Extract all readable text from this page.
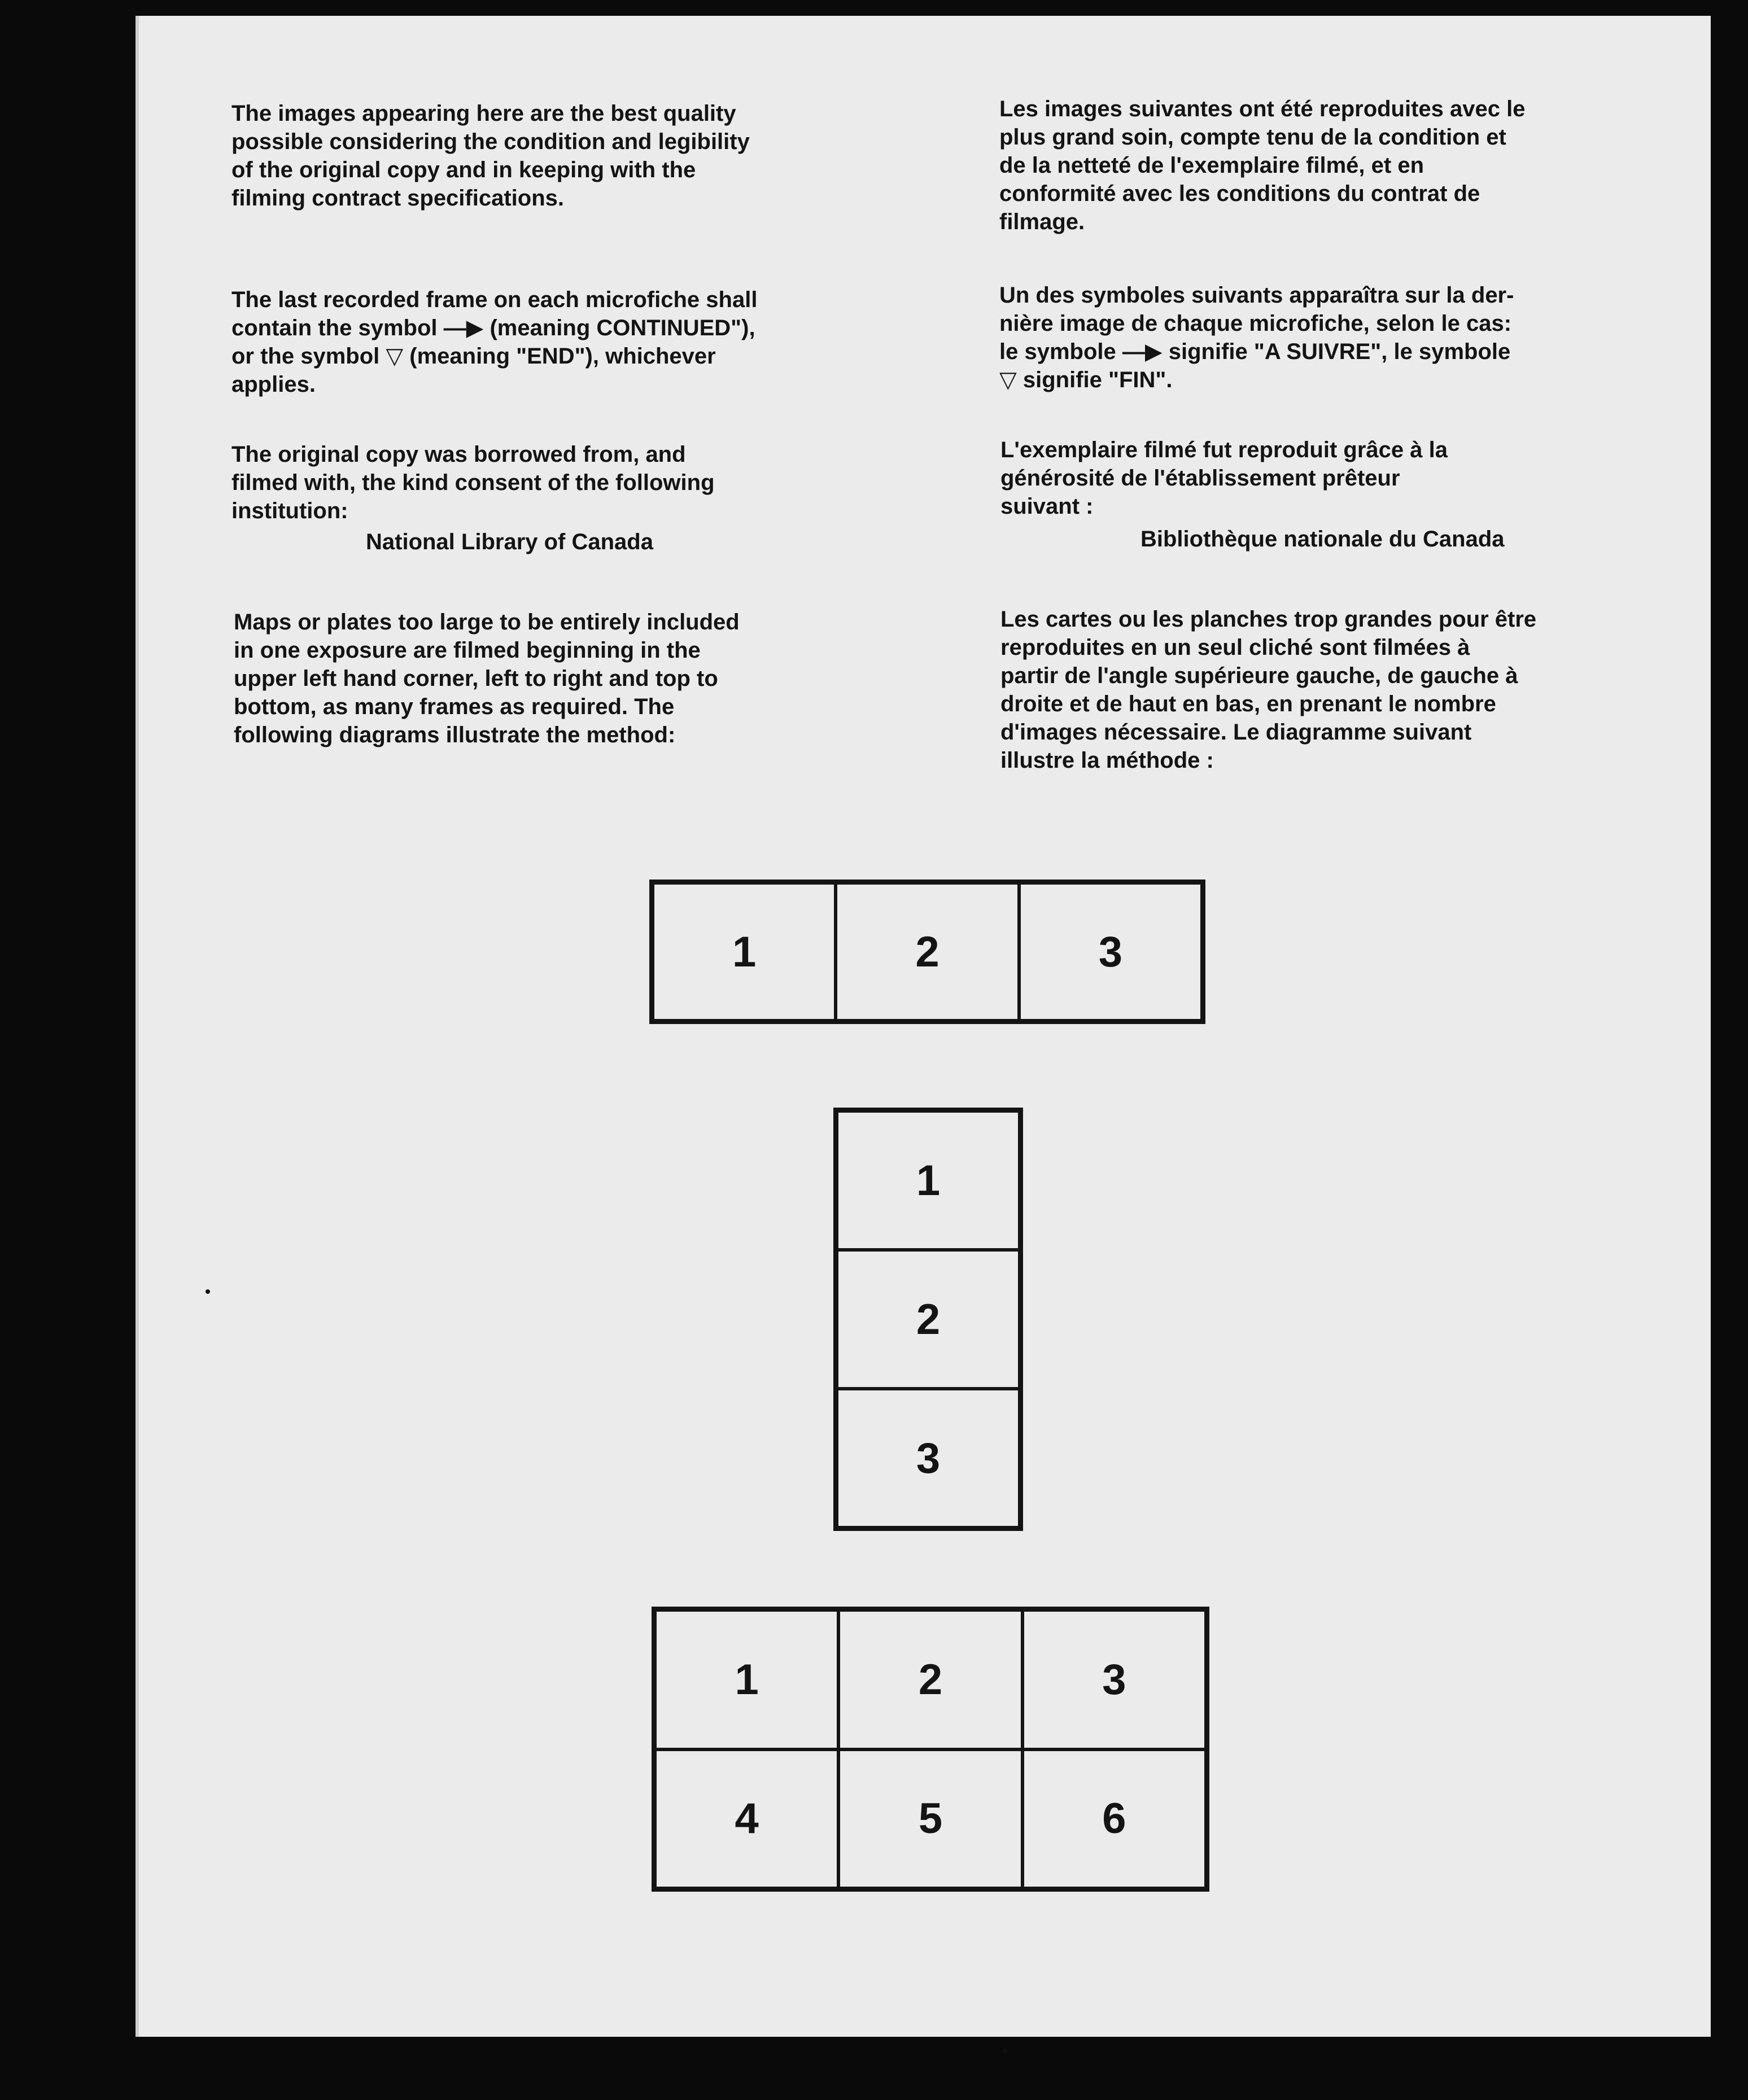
The images appearing here are the best quality
possible considering the condition and legibility
of the original copy and in keeping with the
filming contract specifications.

The last recorded frame on each microfiche shall
contain the symbol —▶ (meaning CONTINUED"),
or the symbol ▽ (meaning "END"), whichever
applies.

The original copy was borrowed from, and
filmed with, the kind consent of the following
institution:

National Library of Canada

Maps or plates too large to be entirely included
in one exposure are filmed beginning in the
upper left hand corner, left to right and top to
bottom, as many frames as required. The
following diagrams illustrate the method:

Les images suivantes ont été reproduites avec le
plus grand soin, compte tenu de la condition et
de la netteté de l'exemplaire filmé, et en
conformité avec les conditions du contrat de
filmage.

Un des symboles suivants apparaîtra sur la der-
nière image de chaque microfiche, selon le cas:
le symbole —▶ signifie "A SUIVRE", le symbole
▽ signifie "FIN".

L'exemplaire filmé fut reproduit grâce à la
générosité de l'établissement prêteur
suivant :

Bibliothèque nationale du Canada

Les cartes ou les planches trop grandes pour être
reproduites en un seul cliché sont filmées à
partir de l'angle supérieure gauche, de gauche à
droite et de haut en bas, en prenant le nombre
d'images nécessaire. Le diagramme suivant
illustre la méthode :

1	2	3
1
2
3
1	2	3
4	5	6
